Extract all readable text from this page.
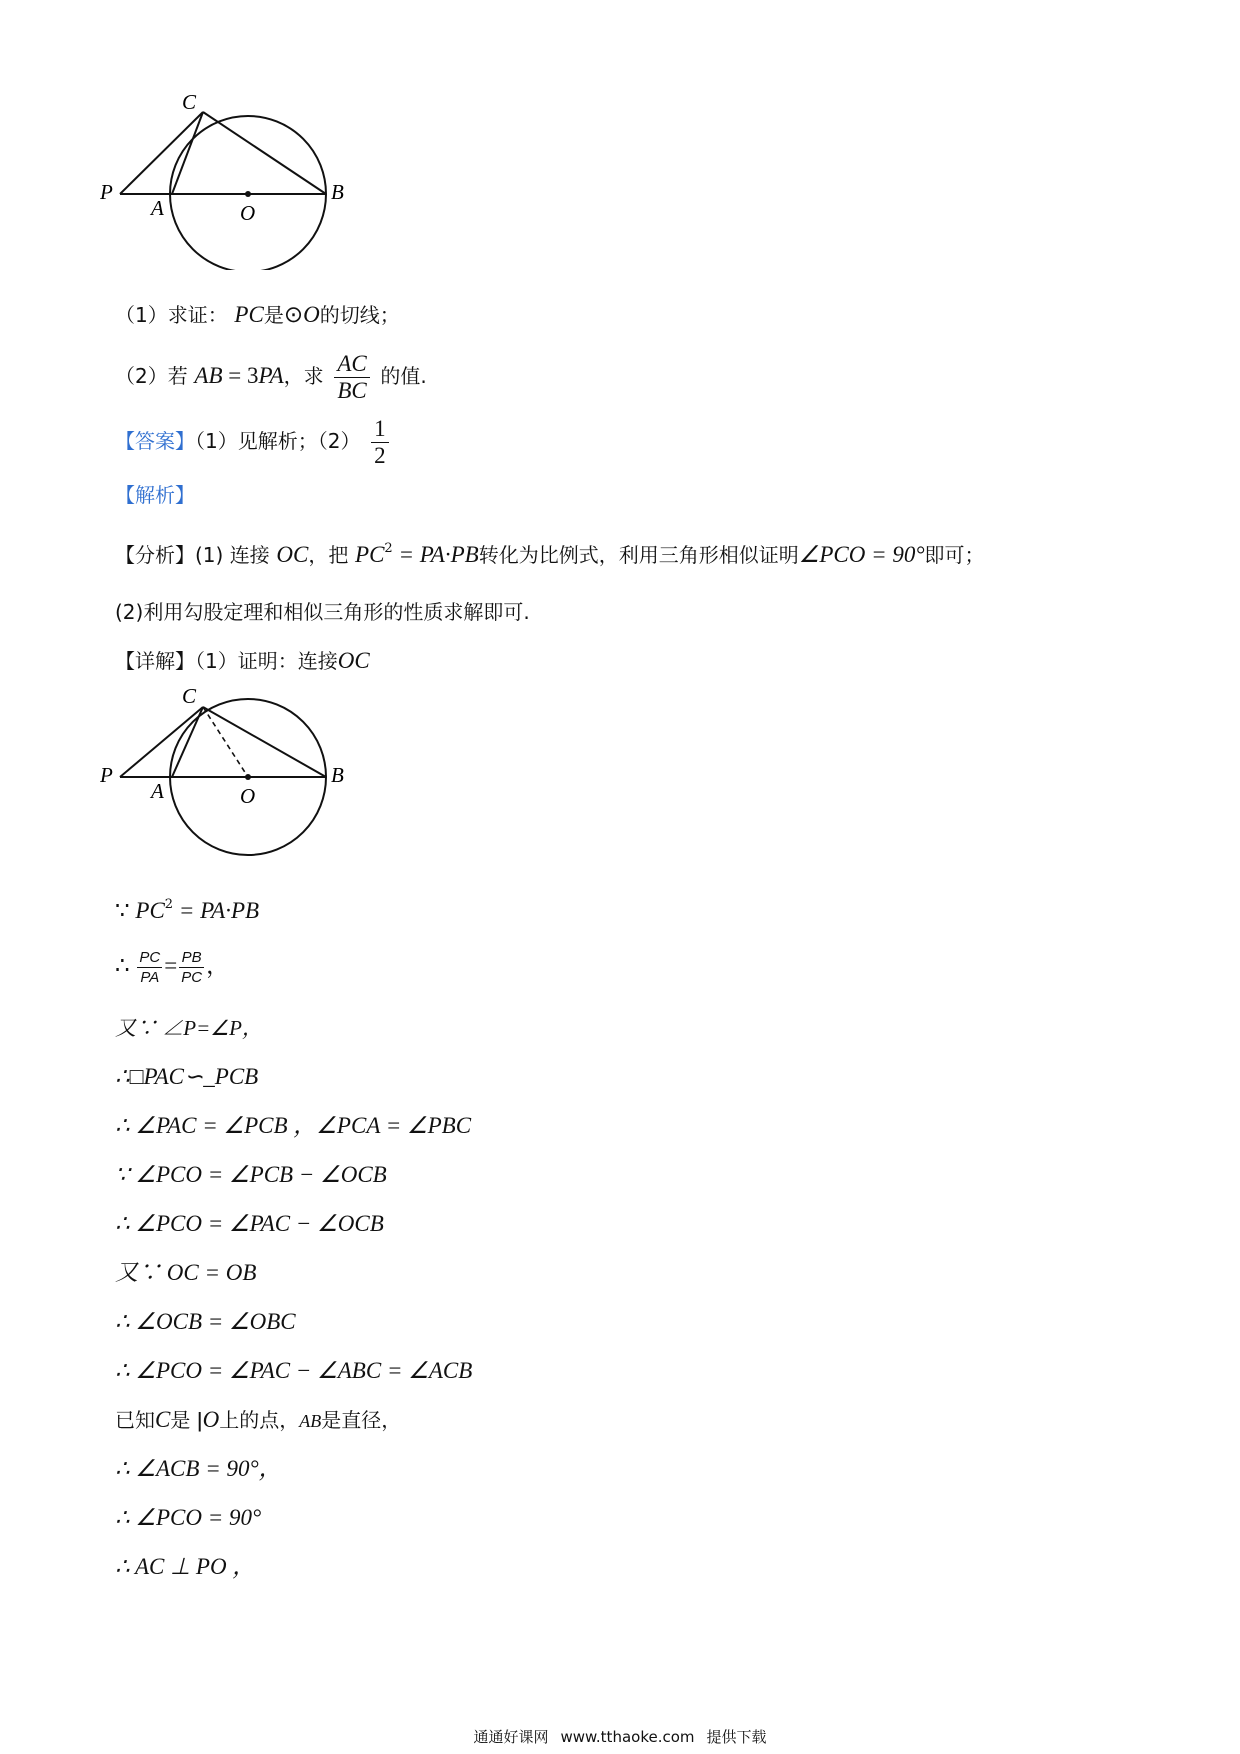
P
C
A	O
B
（1）求证： PC是⊙O的切线；
（2）若 AB = 3PA，求 $\frac{AC}{BC}$ 的值.
【答案】（1）见解析；$(2) \frac{1}{2}$
【解析】
【分析】(1) 连接 OC，把 $PC^2 = PA\cdot PB$转化为比例式，利用三角形相似证明∠PCO = 90°即可；
(2)利用勾股定理和相似三角形的性质求解即可.
【详解】（1）证明：连接OC
P
C
A	O
B
∵ $PC^2 = PA\cdot PB$
∴ $\frac{PC}{PA} = \frac{PB}{PC}$ ，
又∵ ∠P=∠P，
∴□PAC∽_PCB
∴ ∠PAC = ∠PCB ，∠PCA = ∠PBC
∵ ∠PCO = ∠PCB − ∠OCB
∴ ∠PCO = ∠PAC − ∠OCB
又∵ OC = OB
∴ ∠OCB = ∠OBC
∴ ∠PCO = ∠PAC − ∠ABC = ∠ACB
已知C是 ǀO上的点，AB是直径，
∴ ∠ACB = 90°，
∴ ∠PCO = 90°
∴ AC ⊥ PO ，
通通好课网 www.tthaoke.com 提供下载
